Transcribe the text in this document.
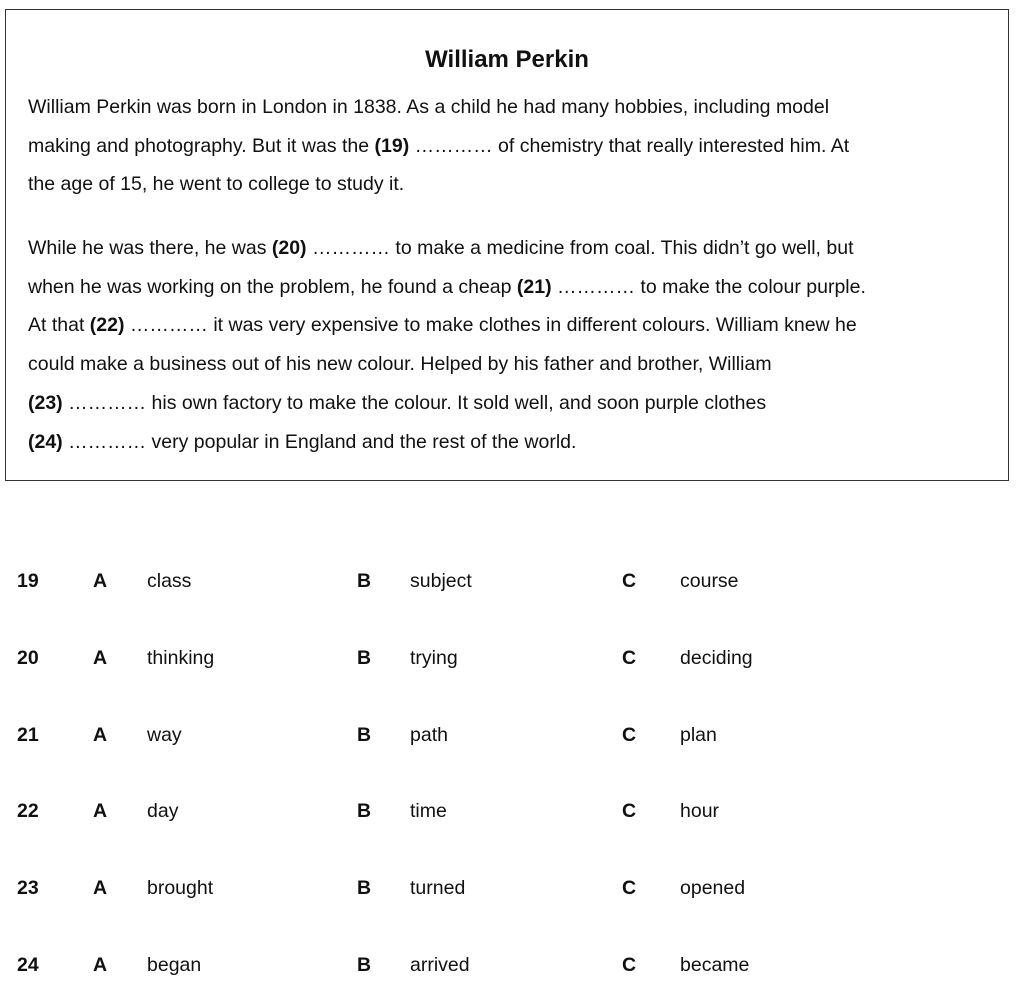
William Perkin

William Perkin was born in London in 1838. As a child he had many hobbies, including model
making and photography. But it was the (19) ………… of chemistry that really interested him. At
the age of 15, he went to college to study it.

While he was there, he was (20) ………… to make a medicine from coal. This didn’t go well, but
when he was working on the problem, he found a cheap (21) ………… to make the colour purple.
At that (22) ………… it was very expensive to make clothes in different colours. William knew he
could make a business out of his new colour. Helped by his father and brother, William
(23) ………… his own factory to make the colour. It sold well, and soon purple clothes
(24) ………… very popular in England and the rest of the world.

19	A class	B subject	C course
20	A thinking	B trying	C deciding
21	A way	B path	C plan
22	A day	B time	C hour
23	A brought	B turned	C opened
24	A began	B arrived	C became
